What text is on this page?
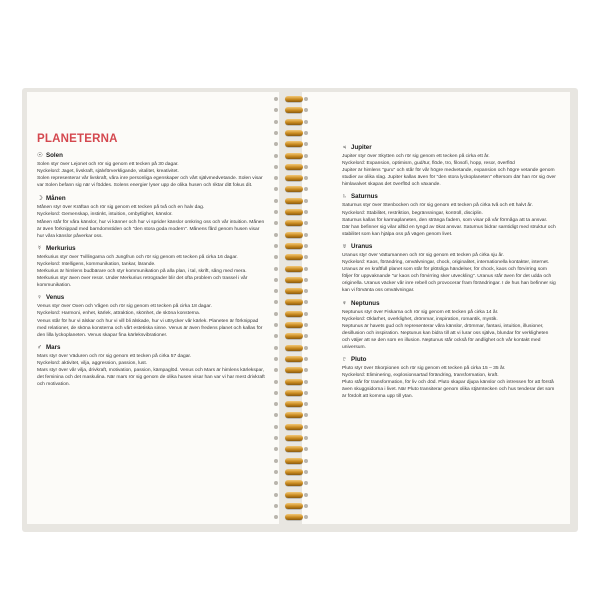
PLANETERNA
☉ Solen

Solen styr över Lejonet och rör sig genom ett tecken på 30 dagar.

Nyckelord: Jaget, livskraft, självförverkligande, vitalitet, kreativitet.

Solen representerar vår livskraft, våra inre personliga egenskaper och vårt självmedvetande. Solen visar var Solen befann sig när vi föddes. Solens energier lyser upp de olika husen och riktar ditt fokus dit.

☽ Månen

Månen styr över Kräftan och rör sig genom ett tecken på två och en halv dag.

Nyckelord: Gemenskap, instinkt, intuition, ombytlighet, känslor.

Månen står för våra känslor, hur vi känner och hur vi sprider känslor omkring oss och vår intuition. Månen är även förknippad med barndomstiden och "den stora goda modern". Månens fård genom husen visar hur våra känslor påverkar oss.

☿ Merkurius

Merkurius styr över Tvillingarna och Jungfrun och rör sig genom ett tecken på cirka 16 dagar.

Nyckelord: Intelligens, kommunikation, tankar, lärande.

Merkurius är himlens budbärare och styr kommunikation på alla plan, i tal, skrift, sång med mera. Merkurius styr även över resor. Under Merkurius retrograder blir det ofta problem och trassel i vår kommunikation.

♀ Venus

Venus styr över Oxen och Vågen och rör sig genom ett tecken på cirka 18 dagar.

Nyckelord: Harmoni, enhet, kärlek, attraktion, skönhet, de sköna konsterna.

Venus står för hur vi älskar och hur vi vill bli älskade, hur vi uttrycker vår kärlek. Planeten är förknippad med relationer, de sköna konsterna och vårt estetiska sinne. Venus är även fredens planet och kallas för den lilla lyckoplaneten. Venus skapar fina kärleksvibrationer.

♂ Mars

Mars styr över Väduren och rör sig genom ett tecken på cirka 57 dagar.

Nyckelord: aktivitet, vilja, aggression, passion, lust.

Mars styr över vår vilja, drivkraft, motivation, passion, kämpaglöd. Venus och Mars är himlens kärlekspar, det feminina och det maskulina. När mars rör sig genom de olika husen visar han var vi har mest drivkraft och motivation.

♃ Jupiter

Jupiter styr över Skytten och rör sig genom ett tecken på cirka ett år.

Nyckelord: Expansion, optimism, gud/tur, flöde, tro, filosofi, hopp, resor, överflöd

Jupiter är himlens "guru" och står för vår högre medvetande, expansion och högre vetande genom studier av olika slag. Jupiter kallas även för "den stora lyckoplaneten" eftersom där han rör sig över himlavalvet skapas det överflöd och växande.

♄ Saturnus

Saturnus styr över Stenbocken och rör sig genom ett tecken på cirka två och ett halvt år.

Nyckelord: Stabilitet, restriktion, begränsningar, kontroll, disciplin.

Saturnus kallas för karmaplaneten, den stränga fadern, som visar på vår förmåga att ta ansvar. Där han befinner sig vilar alltid en tyngd av ökat ansvar. Saturnus bidrar samtidigt med struktur och stabilitet som kan hjälpa oss på vägen genom livet.

♅ Uranus

Uranus styr över Vattumannen och rör sig genom ett tecken på cirka sju år.

Nyckelord: Kaos, förändring, omvälvningar, chock, originalitet, internationella kontakter, internet.

Uranus är en kraftfull planet som står för plötsliga händelser, för chock, kaos och förvirring som följer för uppvaknande "ur kaos och förvirring sker utveckling". Uranus står även för det udda och originella. Uranus väcker vår inre rebell och provocerar fram förändringar. I de hus han befinner sig kan vi förvänta oss omvälvningar.

♆ Neptunus

Neptunus styr över Fiskarna och rör sig genom ett tecken på cirka 14 år.

Nyckelord: Oklarhet, overklighet, drömmar, inspiration, romantik, mystik.

Neptunus är havets gud och representerar våra känslor, drömmar, fantasi, intuition, illusioner, desillusion och inspiration. Neptunus kan bidra till att vi lurar oss själva, blundar för verkligheten och väljer att se den som en illusion. Neptunus står också för andlighet och vår kontakt med universum.

♇ Pluto

Pluto styr över Skorpionen och rör sig genom ett tecken på cirka 15 – 35 år.

Nyckelord: Eliminering, explosionsartad förändring, transformation, kraft.

Pluto står för transformation, för liv och död. Pluto skapar djupa känslor och intressen för att förstå även skuggsidorna i livet. När Pluto transiterar genom olika stjärntecken och hus tenderar det som är fördolt att komma upp till ytan.
